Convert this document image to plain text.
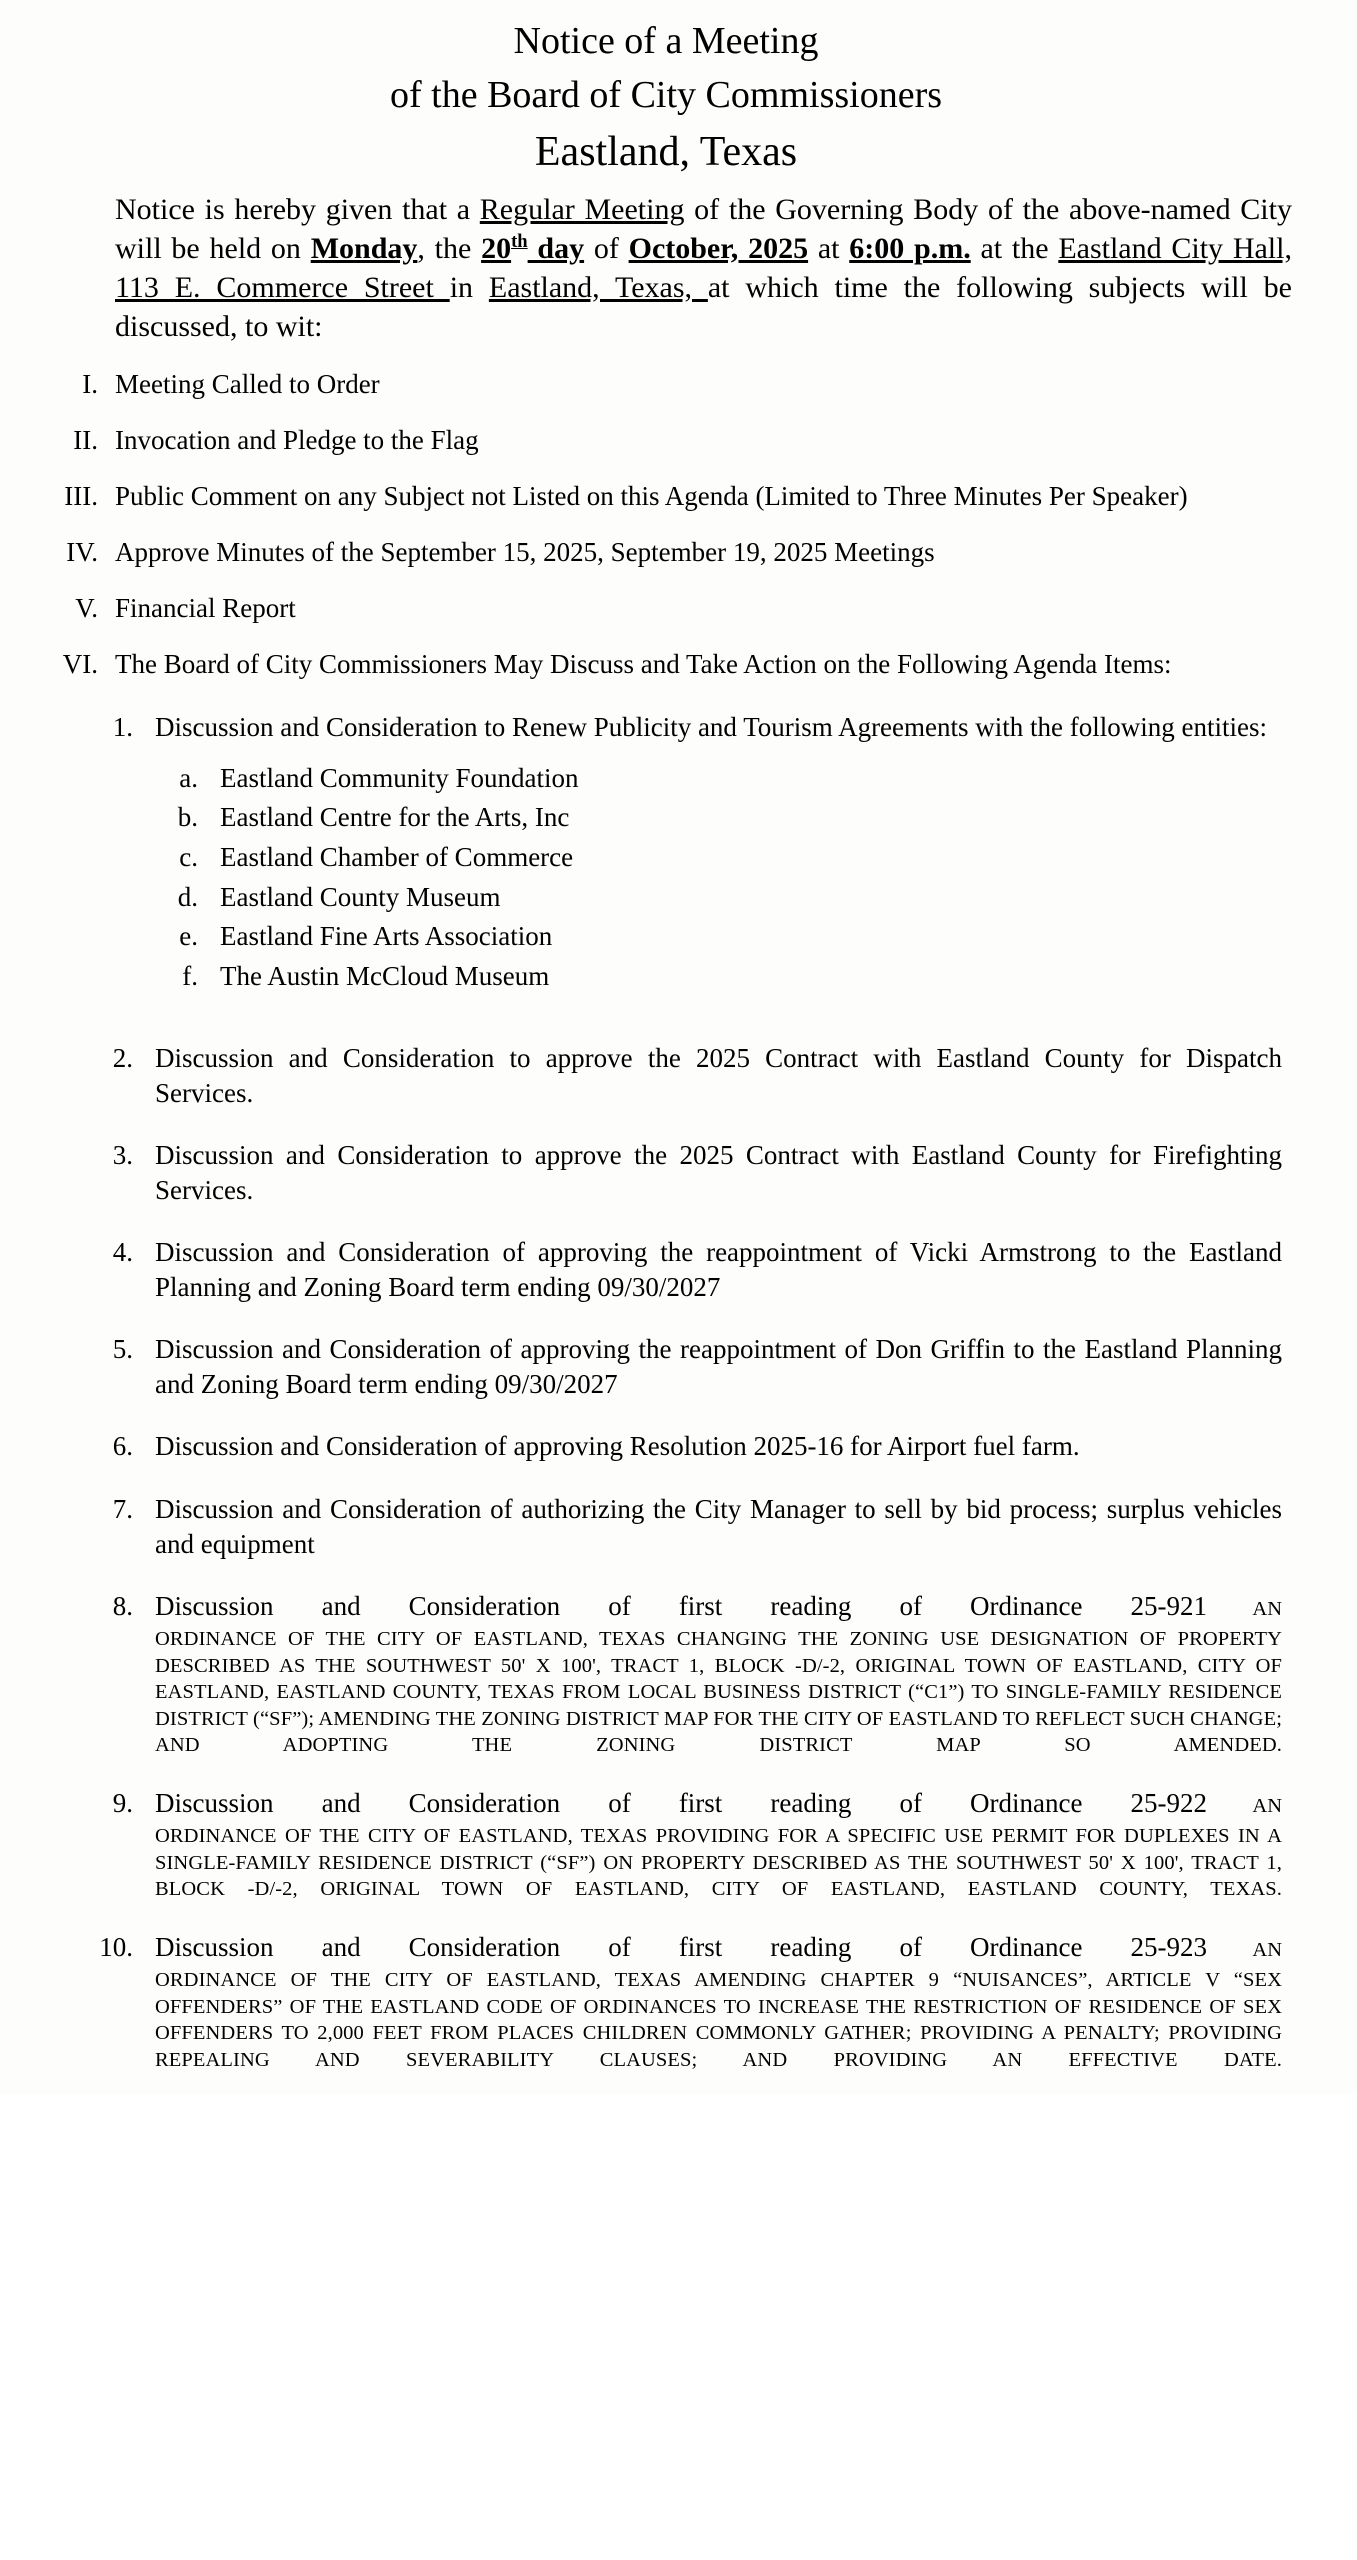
Notice of a Meeting
of the Board of City Commissioners
Eastland, Texas

Notice is hereby given that a Regular Meeting of the Governing Body of the above-named City will be held on Monday, the 20th day of October, 2025 at 6:00 p.m. at the Eastland City Hall, 113 E. Commerce Street in Eastland, Texas, at which time the following subjects will be discussed, to wit:

I. Meeting Called to Order
II. Invocation and Pledge to the Flag
III. Public Comment on any Subject not Listed on this Agenda (Limited to Three Minutes Per Speaker)
IV. Approve Minutes of the September 15, 2025, September 19, 2025 Meetings
V. Financial Report
VI. The Board of City Commissioners May Discuss and Take Action on the Following Agenda Items:
1. Discussion and Consideration to Renew Publicity and Tourism Agreements with the following entities:
a. Eastland Community Foundation
b. Eastland Centre for the Arts, Inc
c. Eastland Chamber of Commerce
d. Eastland County Museum
e. Eastland Fine Arts Association
f. The Austin McCloud Museum
2. Discussion and Consideration to approve the 2025 Contract with Eastland County for Dispatch Services.
3. Discussion and Consideration to approve the 2025 Contract with Eastland County for Firefighting Services.
4. Discussion and Consideration of approving the reappointment of Vicki Armstrong to the Eastland Planning and Zoning Board term ending 09/30/2027
5. Discussion and Consideration of approving the reappointment of Don Griffin to the Eastland Planning and Zoning Board term ending 09/30/2027
6. Discussion and Consideration of approving Resolution 2025-16 for Airport fuel farm.
7. Discussion and Consideration of authorizing the City Manager to sell by bid process; surplus vehicles and equipment
8. Discussion and Consideration of first reading of Ordinance 25-921 AN
ORDINANCE OF THE CITY OF EASTLAND, TEXAS CHANGING THE ZONING USE DESIGNATION OF PROPERTY DESCRIBED AS THE SOUTHWEST 50' X 100', TRACT 1, BLOCK -D/-2, ORIGINAL TOWN OF EASTLAND, CITY OF EASTLAND, EASTLAND COUNTY, TEXAS FROM LOCAL BUSINESS DISTRICT (“C1”) TO SINGLE-FAMILY RESIDENCE DISTRICT (“SF”); AMENDING THE ZONING DISTRICT MAP FOR THE CITY OF EASTLAND TO REFLECT SUCH CHANGE; AND ADOPTING THE ZONING DISTRICT MAP SO AMENDED.
9. Discussion and Consideration of first reading of Ordinance 25-922 AN
ORDINANCE OF THE CITY OF EASTLAND, TEXAS PROVIDING FOR A SPECIFIC USE PERMIT FOR DUPLEXES IN A SINGLE-FAMILY RESIDENCE DISTRICT (“SF”) ON PROPERTY DESCRIBED AS THE SOUTHWEST 50' X 100', TRACT 1, BLOCK -D/-2, ORIGINAL TOWN OF EASTLAND, CITY OF EASTLAND, EASTLAND COUNTY, TEXAS.
10. Discussion and Consideration of first reading of Ordinance 25-923 AN
ORDINANCE OF THE CITY OF EASTLAND, TEXAS AMENDING CHAPTER 9 “NUISANCES”, ARTICLE V “SEX OFFENDERS” OF THE EASTLAND CODE OF ORDINANCES TO INCREASE THE RESTRICTION OF RESIDENCE OF SEX OFFENDERS TO 2,000 FEET FROM PLACES CHILDREN COMMONLY GATHER; PROVIDING A PENALTY; PROVIDING REPEALING AND SEVERABILITY CLAUSES; AND PROVIDING AN EFFECTIVE DATE.
